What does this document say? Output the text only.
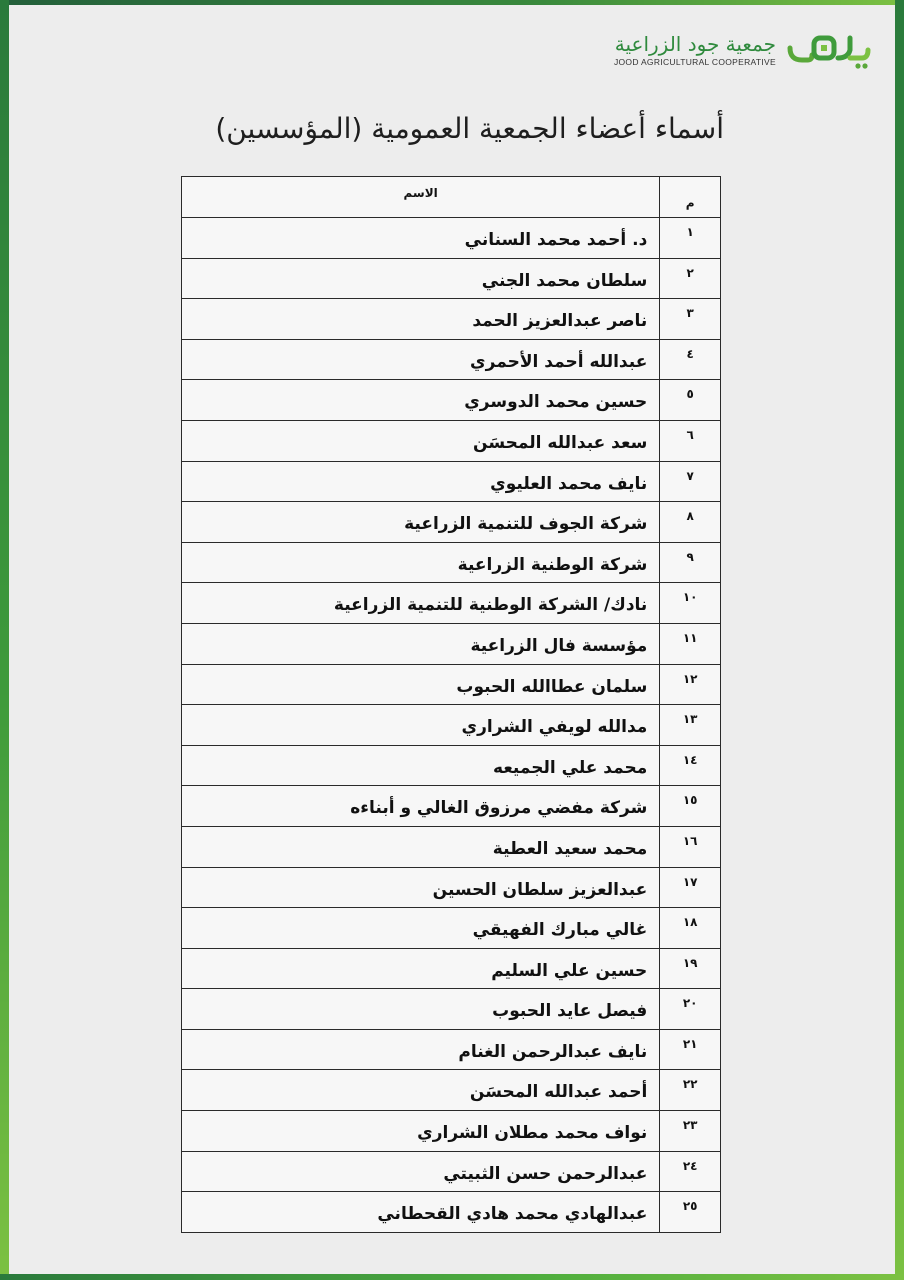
جمعية جود الزراعية
JOOD AGRICULTURAL COOPERATIVE
أسماء أعضاء الجمعية العمومية (المؤسسين)
الاسم	م

د. أحمد محمد السناني	١

سلطان محمد الجني	٢

ناصر عبدالعزيز الحمد	٣

عبدالله أحمد الأحمري	٤

حسين محمد الدوسري	٥

سعد عبدالله المحسَن	٦

نايف محمد العليوي	٧

شركة الجوف للتنمية الزراعية	٨

شركة الوطنية الزراعية	٩

نادك/ الشركة الوطنية للتنمية الزراعية	١٠

مؤسسة فال الزراعية	١١

سلمان عطاالله الحبوب	١٢

مدالله لويفي الشراري	١٣

محمد علي الجميعه	١٤

شركة مفضي مرزوق الغالي و أبناءه	١٥

محمد سعيد العطية	١٦

عبدالعزيز سلطان الحسين	١٧

غالي مبارك الفهيقي	١٨

حسين علي السليم	١٩

فيصل عايد الحبوب	٢٠

نايف عبدالرحمن الغنام	٢١

أحمد عبدالله المحسَن	٢٢

نواف محمد مطلان الشراري	٢٣

عبدالرحمن حسن الثبيتي	٢٤

عبدالهادي محمد هادي القحطاني	٢٥
